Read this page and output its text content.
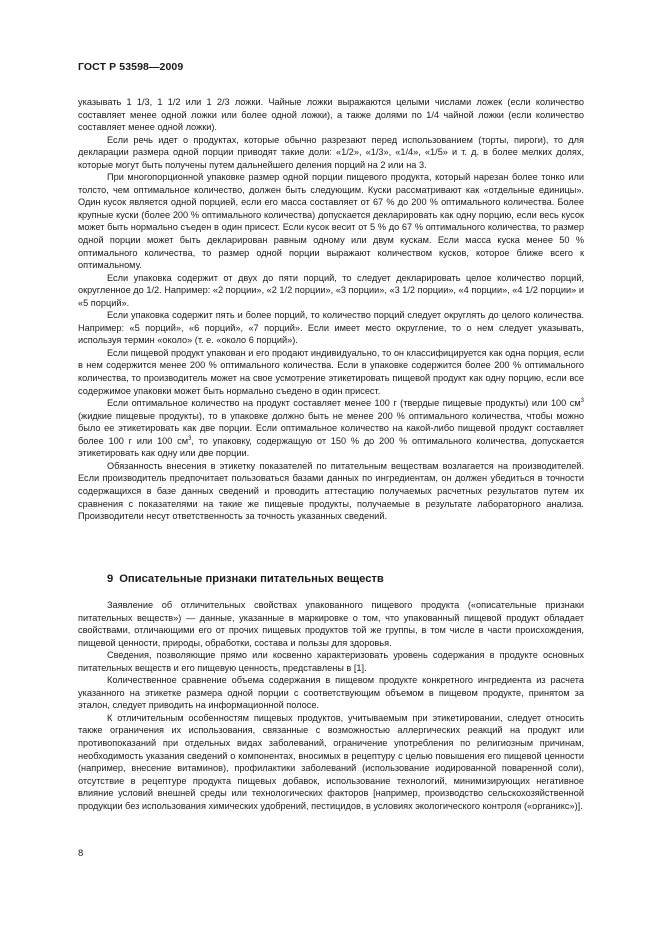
ГОСТ Р 53598—2009

указывать 1 1/3, 1 1/2 или 1 2/3 ложки. Чайные ложки выражаются целыми числами ложек (если количество составляет менее одной ложки или более одной ложки), а также долями по 1/4 чайной ложки (если количество составляет менее одной ложки).

Если речь идет о продуктах, которые обычно разрезают перед использованием (торты, пироги), то для декларации размера одной порции приводят такие доли: «1/2», «1/3», «1/4», «1/5» и т. д. в более мелких долях, которые могут быть получены путем дальнейшего деления порций на 2 или на 3.

При многопорционной упаковке размер одной порции пищевого продукта, который нарезан более тонко или толсто, чем оптимальное количество, должен быть следующим. Куски рассматривают как «отдельные единицы». Один кусок является одной порцией, если его масса составляет от 67 % до 200 % оптимального количества. Более крупные куски (более 200 % оптимального количества) допускается декларировать как одну порцию, если весь кусок может быть нормально съеден в один присест. Если кусок весит от 5 % до 67 % оптимального количества, то размер одной порции может быть декларирован равным одному или двум кускам. Если масса куска менее 50 % оптимального количества, то размер одной порции выражают количеством кусков, которое ближе всего к оптимальному.

Если упаковка содержит от двух до пяти порций, то следует декларировать целое количество порций, округленное до 1/2. Например: «2 порции», «2 1/2 порции», «3 порции», «3 1/2 порции», «4 порции», «4 1/2 порции» и «5 порций».

Если упаковка содержит пять и более порций, то количество порций следует округлять до целого количества. Например: «5 порций», «6 порций», «7 порций». Если имеет место округление, то о нем следует указывать, используя термин «около» (т. е. «около 6 порций»).

Если пищевой продукт упакован и его продают индивидуально, то он классифицируется как одна порция, если в нем содержится менее 200 % оптимального количества. Если в упаковке содержится более 200 % оптимального количества, то производитель может на свое усмотрение этикетировать пищевой продукт как одну порцию, если все содержимое упаковки может быть нормально съедено в один присест.

Если оптимальное количество на продукт составляет менее 100 г (твердые пищевые продукты) или 100 $см^3$ (жидкие пищевые продукты), то в упаковке должно быть не менее 200 % оптимального количества, чтобы можно было ее этикетировать как две порции. Если оптимальное количество на какой-либо пищевой продукт составляет более 100 г или 100 $см^3$, то упаковку, содержащую от 150 % до 200 % оптимального количества, допускается этикетировать как одну или две порции.

Обязанность внесения в этикетку показателей по питательным веществам возлагается на производителей. Если производитель предпочитает пользоваться базами данных по ингредиентам, он должен убедиться в точности содержащихся в базе данных сведений и проводить аттестацию получаемых расчетных результатов путем их сравнения с показателями на такие же пищевые продукты, получаемые в результате лабораторного анализа. Производители несут ответственность за точность указанных сведений.

9 Описательные признаки питательных веществ

Заявление об отличительных свойствах упакованного пищевого продукта («описательные признаки питательных веществ») — данные, указанные в маркировке о том, что упакованный пищевой продукт обладает свойствами, отличающими его от прочих пищевых продуктов той же группы, в том числе в части происхождения, пищевой ценности, природы, обработки, состава и пользы для здоровья.

Сведения, позволяющие прямо или косвенно характеризовать уровень содержания в продукте основных питательных веществ и его пищевую ценность, представлены в [1].

Количественное сравнение объема содержания в пищевом продукте конкретного ингредиента из расчета указанного на этикетке размера одной порции с соответствующим объемом в пищевом продукте, принятом за эталон, следует приводить на информационной полосе.

К отличительным особенностям пищевых продуктов, учитываемым при этикетировании, следует относить также ограничения их использования, связанные с возможностью аллергических реакций на продукт или противопоказаний при отдельных видах заболеваний, ограничение употребления по религиозным причинам, необходимость указания сведений о компонентах, вносимых в рецептуру с целью повышения его пищевой ценности (например, внесение витаминов), профилактики заболеваний (использование иодированной поваренной соли), отсутствие в рецептуре продукта пищевых добавок, использование технологий, минимизирующих негативное влияние условий внешней среды или технологических факторов [например, производство сельскохозяйственной продукции без использования химических удобрений, пестицидов, в условиях экологического контроля («органикс»)].

8
